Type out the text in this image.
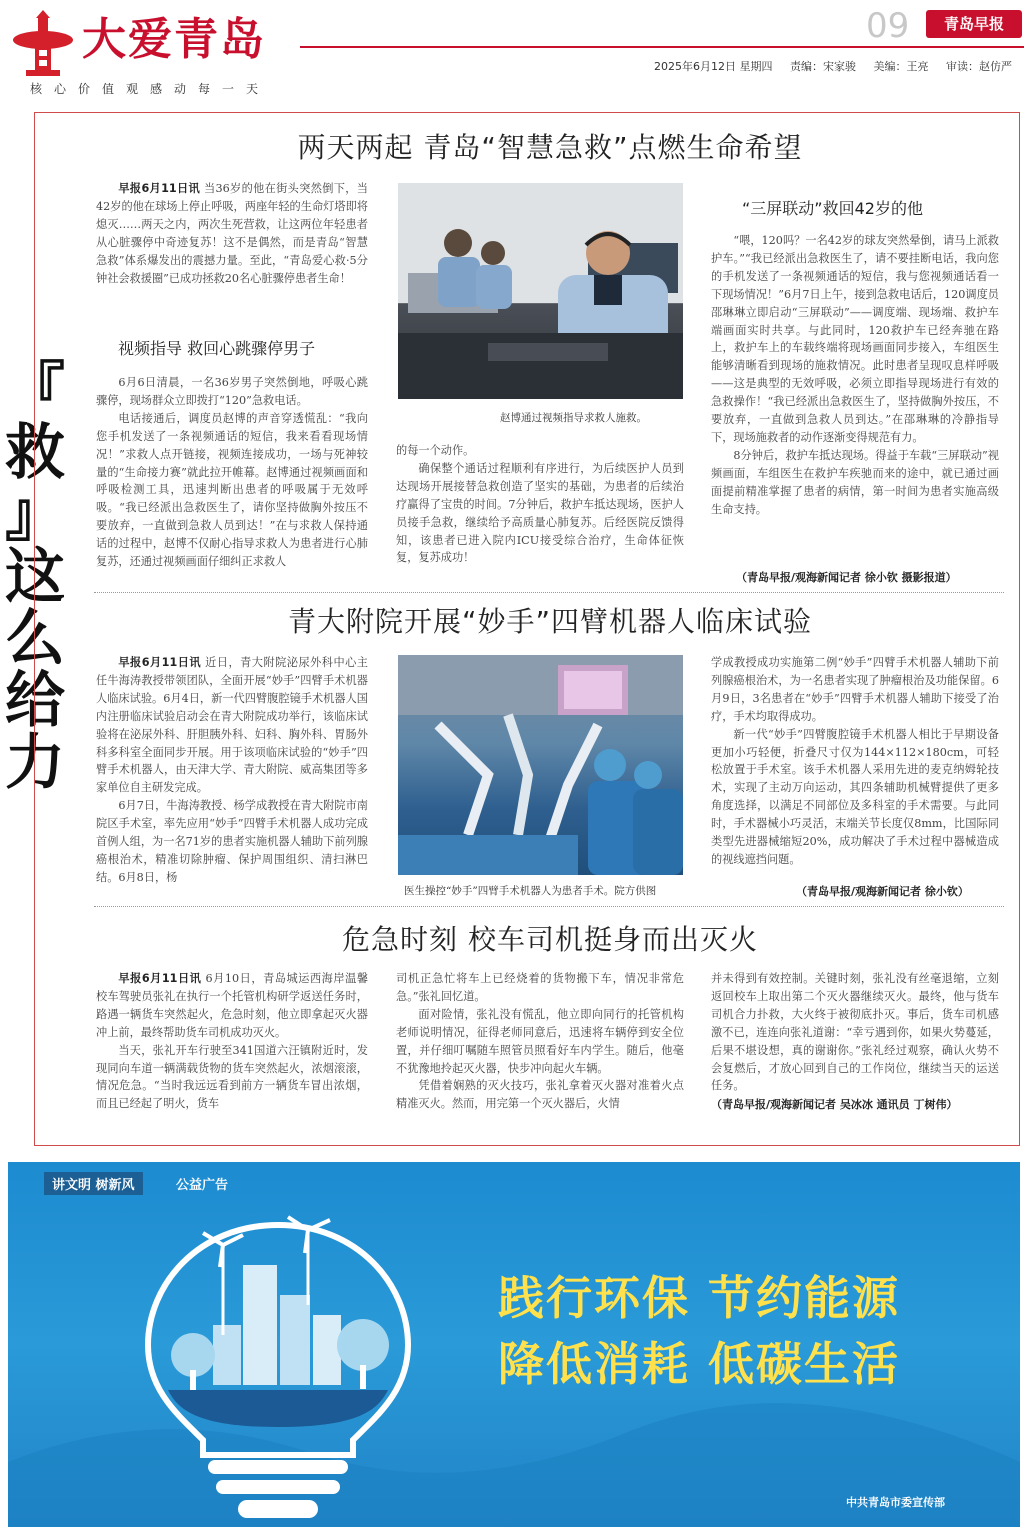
大爱青岛
核心价值观感动每一天
09	青岛早报
2025年6月12日 星期四 责编：宋家骏 美编：王亮 审读：赵仿严
『
救
』
这
么
给
力
两天两起 青岛“智慧急救”点燃生命希望

早报6月11日讯 当36岁的他在街头突然倒下，当42岁的他在球场上停止呼吸，两座年轻的生命灯塔即将熄灭……两天之内，两次生死营救，让这两位年轻患者从心脏骤停中奇迹复苏！这不是偶然，而是青岛“智慧急救”体系爆发出的震撼力量。至此，“青岛爱心救·5分钟社会救援圈”已成功拯救20名心脏骤停患者生命！

视频指导 救回心跳骤停男子

6月6日清晨，一名36岁男子突然倒地，呼吸心跳骤停，现场群众立即拨打“120”急救电话。

电话接通后，调度员赵博的声音穿透慌乱：“我向您手机发送了一条视频通话的短信，我来看看现场情况！”求救人点开链接，视频连接成功，一场与死神较量的“生命接力赛”就此拉开帷幕。赵博通过视频画面和呼吸检测工具，迅速判断出患者的呼吸属于无效呼吸。“我已经派出急救医生了，请你坚持做胸外按压不要放弃，一直做到急救人员到达！”在与求救人保持通话的过程中，赵博不仅耐心指导求救人为患者进行心肺复苏，还通过视频画面仔细纠正求救人

赵博通过视频指导求救人施救。

的每一个动作。

确保整个通话过程顺利有序进行，为后续医护人员到达现场开展接替急救创造了坚实的基础，为患者的后续治疗赢得了宝贵的时间。7分钟后，救护车抵达现场，医护人员接手急救，继续给予高质量心肺复苏。后经医院反馈得知，该患者已进入院内ICU接受综合治疗，生命体征恢复，复苏成功！

“三屏联动”救回42岁的他

“喂，120吗？一名42岁的球友突然晕倒，请马上派救护车。”“我已经派出急救医生了，请不要挂断电话，我向您的手机发送了一条视频通话的短信，我与您视频通话看一下现场情况！”6月7日上午，接到急救电话后，120调度员邵琳琳立即启动“三屏联动”——调度端、现场端、救护车端画面实时共享。与此同时，120救护车已经奔驰在路上，救护车上的车载终端将现场画面同步接入，车组医生能够清晰看到现场的施救情况。此时患者呈现叹息样呼吸——这是典型的无效呼吸，必须立即指导现场进行有效的急救操作！“我已经派出急救医生了，坚持做胸外按压，不要放弃，一直做到急救人员到达。”在邵琳琳的冷静指导下，现场施救者的动作逐渐变得规范有力。

8分钟后，救护车抵达现场。得益于车载“三屏联动”视频画面，车组医生在救护车疾驰而来的途中，就已通过画面提前精准掌握了患者的病情，第一时间为患者实施高级生命支持。

（青岛早报/观海新闻记者 徐小钦 摄影报道）
青大附院开展“妙手”四臂机器人临床试验

早报6月11日讯 近日，青大附院泌尿外科中心主任牛海涛教授带领团队，全面开展“妙手”四臂手术机器人临床试验。6月4日，新一代四臂腹腔镜手术机器人国内注册临床试验启动会在青大附院成功举行，该临床试验将在泌尿外科、肝胆胰外科、妇科、胸外科、胃肠外科多科室全面同步开展。用于该项临床试验的“妙手”四臂手术机器人，由天津大学、青大附院、威高集团等多家单位自主研发完成。

6月7日，牛海涛教授、杨学成教授在青大附院市南院区手术室，率先应用“妙手”四臂手术机器人成功完成首例人组，为一名71岁的患者实施机器人辅助下前列腺癌根治术，精准切除肿瘤、保护周围组织、清扫淋巴结。6月8日，杨

医生操控“妙手”四臂手术机器人为患者手术。院方供图

学成教授成功实施第二例“妙手”四臂手术机器人辅助下前列腺癌根治术，为一名患者实现了肿瘤根治及功能保留。6月9日，3名患者在“妙手”四臂手术机器人辅助下接受了治疗，手术均取得成功。

新一代“妙手”四臂腹腔镜手术机器人相比于早期设备更加小巧轻便，折叠尺寸仅为144×112×180cm，可轻松放置于手术室。该手术机器人采用先进的麦克纳姆轮技术，实现了主动万向运动，其四条辅助机械臂提供了更多角度选择，以满足不同部位及多科室的手术需要。与此同时，手术器械小巧灵活，末端关节长度仅8mm，比国际同类型先进器械缩短20%，成功解决了手术过程中器械造成的视线遮挡问题。

（青岛早报/观海新闻记者 徐小钦）
危急时刻 校车司机挺身而出灭火

早报6月11日讯 6月10日，青岛城运西海岸温馨校车驾驶员张礼在执行一个托管机构研学返送任务时，路遇一辆货车突然起火，危急时刻，他立即拿起灭火器冲上前，最终帮助货车司机成功灭火。

当天，张礼开车行驶至341国道六汪镇附近时，发现同向车道一辆满载货物的货车突然起火，浓烟滚滚，情况危急。“当时我远远看到前方一辆货车冒出浓烟，而且已经起了明火，货车

司机正急忙将车上已经烧着的货物搬下车，情况非常危急。”张礼回忆道。

面对险情，张礼没有慌乱，他立即向同行的托管机构老师说明情况，征得老师同意后，迅速将车辆停到安全位置，并仔细叮嘱随车照管员照看好车内学生。随后，他毫不犹豫地拎起灭火器，快步冲向起火车辆。

凭借着娴熟的灭火技巧，张礼拿着灭火器对准着火点精准灭火。然而，用完第一个灭火器后，火情

并未得到有效控制。关键时刻，张礼没有丝毫退缩，立刻返回校车上取出第二个灭火器继续灭火。最终，他与货车司机合力扑救，大火终于被彻底扑灭。事后，货车司机感激不已，连连向张礼道谢：“幸亏遇到你，如果火势蔓延，后果不堪设想，真的谢谢你。”张礼经过观察，确认火势不会复燃后，才放心回到自己的工作岗位，继续当天的运送任务。

（青岛早报/观海新闻记者 吴冰冰 通讯员 丁树伟）
讲文明 树新风	公益广告
践行环保 节约能源
降低消耗 低碳生活
中共青岛市委宣传部
